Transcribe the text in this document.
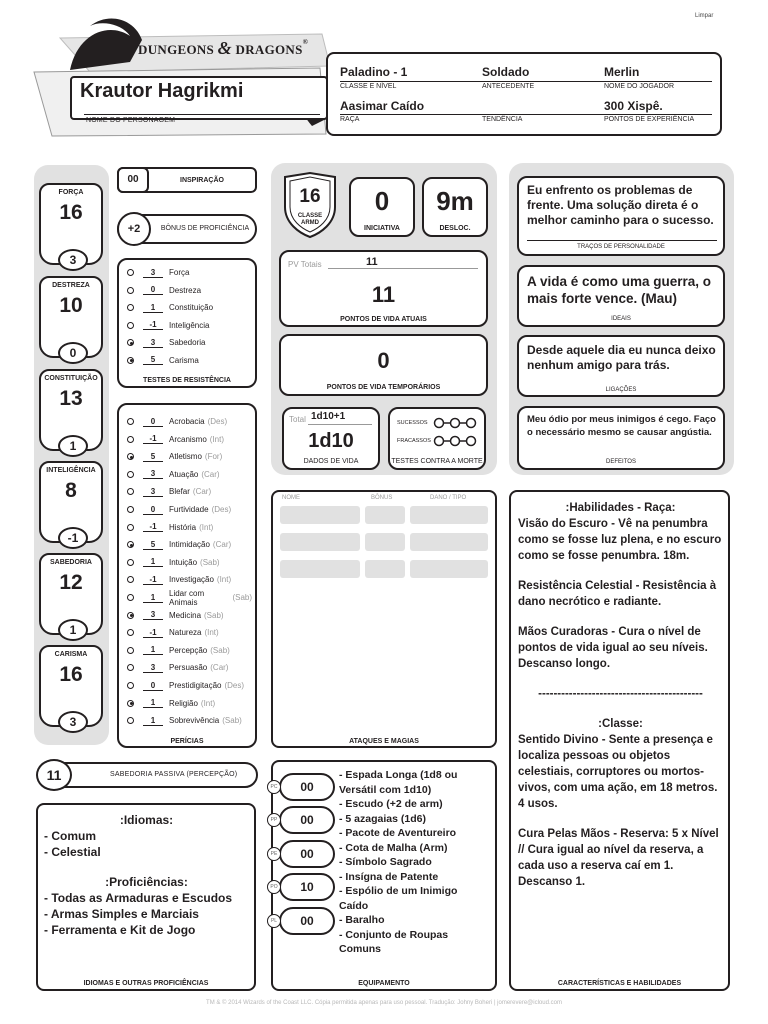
Limpar
DUNGEONS & DRAGONS®
Krautor Hagrikmi
NOME DO PERSONAGEM
Paladino - 1
CLASSE E NÍVEL
Soldado
ANTECEDENTE
Merlin
NOME DO JOGADOR
Aasimar Caído
RAÇA	TENDÊNCIA
300 Xispê.
PONTOS DE EXPERIÊNCIA
FORÇA
16
3
DESTREZA
10
0
CONSTITUIÇÃO
13
1
INTELIGÊNCIA
8
-1
SABEDORIA
12
1
CARISMA
16
3
00	INSPIRAÇÃO
+2	BÔNUS DE PROFICIÊNCIA
3	Força
0	Destreza
1	Constituição
-1	Inteligência
3	Sabedoria
5	Carisma
TESTES DE RESISTÊNCIA
0	Acrobacia (Des)
-1	Arcanismo (Int)
5	Atletismo (For)
3	Atuação (Car)
3	Blefar (Car)
0	Furtividade (Des)
-1	História (Int)
5	Intimidação (Car)
1	Intuição (Sab)
-1	Investigação (Int)
1	Lidar com Animais	(Sab)
3	Medicina (Sab)
-1	Natureza (Int)
1	Percepção (Sab)
3	Persuasão (Car)
0	Prestidigitação (Des)
1	Religião (Int)
1	Sobrevivência (Sab)
PERÍCIAS
11	SABEDORIA PASSIVA (PERCEPÇÃO)
:Idiomas:
- Comum
- Celestial
:Proficiências:
- Todas as Armaduras e Escudos
- Armas Simples e Marciais
- Ferramenta e Kit de Jogo
IDIOMAS E OUTRAS PROFICIÊNCIAS
16
CLASSE
ARMD
0
INICIATIVA
9m
DESLOC.
PV Totais	11
11
PONTOS DE VIDA ATUAIS
0
PONTOS DE VIDA TEMPORÁRIOS
Total 1d10+1
1d10
DADOS DE VIDA
SUCESSOS
FRACASSOS
TESTES CONTRA A MORTE
NOME	BÔNUS	DANO / TIPO
ATAQUES E MAGIAS
00
PC
00
PP
00
PE
10
PO
00
PL
- Espada Longa (1d8 ou Versátil com 1d10)
- Escudo (+2 de arm)
- 5 azagaias (1d6)
- Pacote de Aventureiro
- Cota de Malha (Arm)
- Símbolo Sagrado
- Insígna de Patente
- Espólio de um Inimigo Caído
- Baralho
- Conjunto de Roupas Comuns
EQUIPAMENTO
Eu enfrento os problemas de frente. Uma solução direta é o melhor caminho para o sucesso.
TRAÇOS DE PERSONALIDADE
A vida é como uma guerra, o mais forte vence. (Mau)
IDEAIS
Desde aquele dia eu nunca deixo nenhum amigo para trás.
LIGAÇÕES
Meu ódio por meus inimigos é cego. Faço o necessário mesmo se causar angústia.
DEFEITOS
:Habilidades - Raça:
Visão do Escuro - Vê na penumbra como se fosse luz plena, e no escuro como se fosse penumbra. 18m.
Resistência Celestial - Resistência à dano necrótico e radiante.
Mãos Curadoras - Cura o nível de pontos de vida igual ao seu níveis. Descanso longo.
-------------------------------------------
:Classe:
Sentido Divino - Sente a presença e localiza pessoas ou objetos celestiais, corruptores ou mortos-vivos, com uma ação, em 18 metros. 4 usos.
Cura Pelas Mãos - Reserva: 5 x Nível // Cura igual ao nível da reserva, a cada uso a reserva caí em 1. Descanso 1.
CARACTERÍSTICAS E HABILIDADES
TM & © 2014 Wizards of the Coast LLC. Cópia permitida apenas para uso pessoal. Tradução: Johny Boheri | jomerevere@icloud.com
